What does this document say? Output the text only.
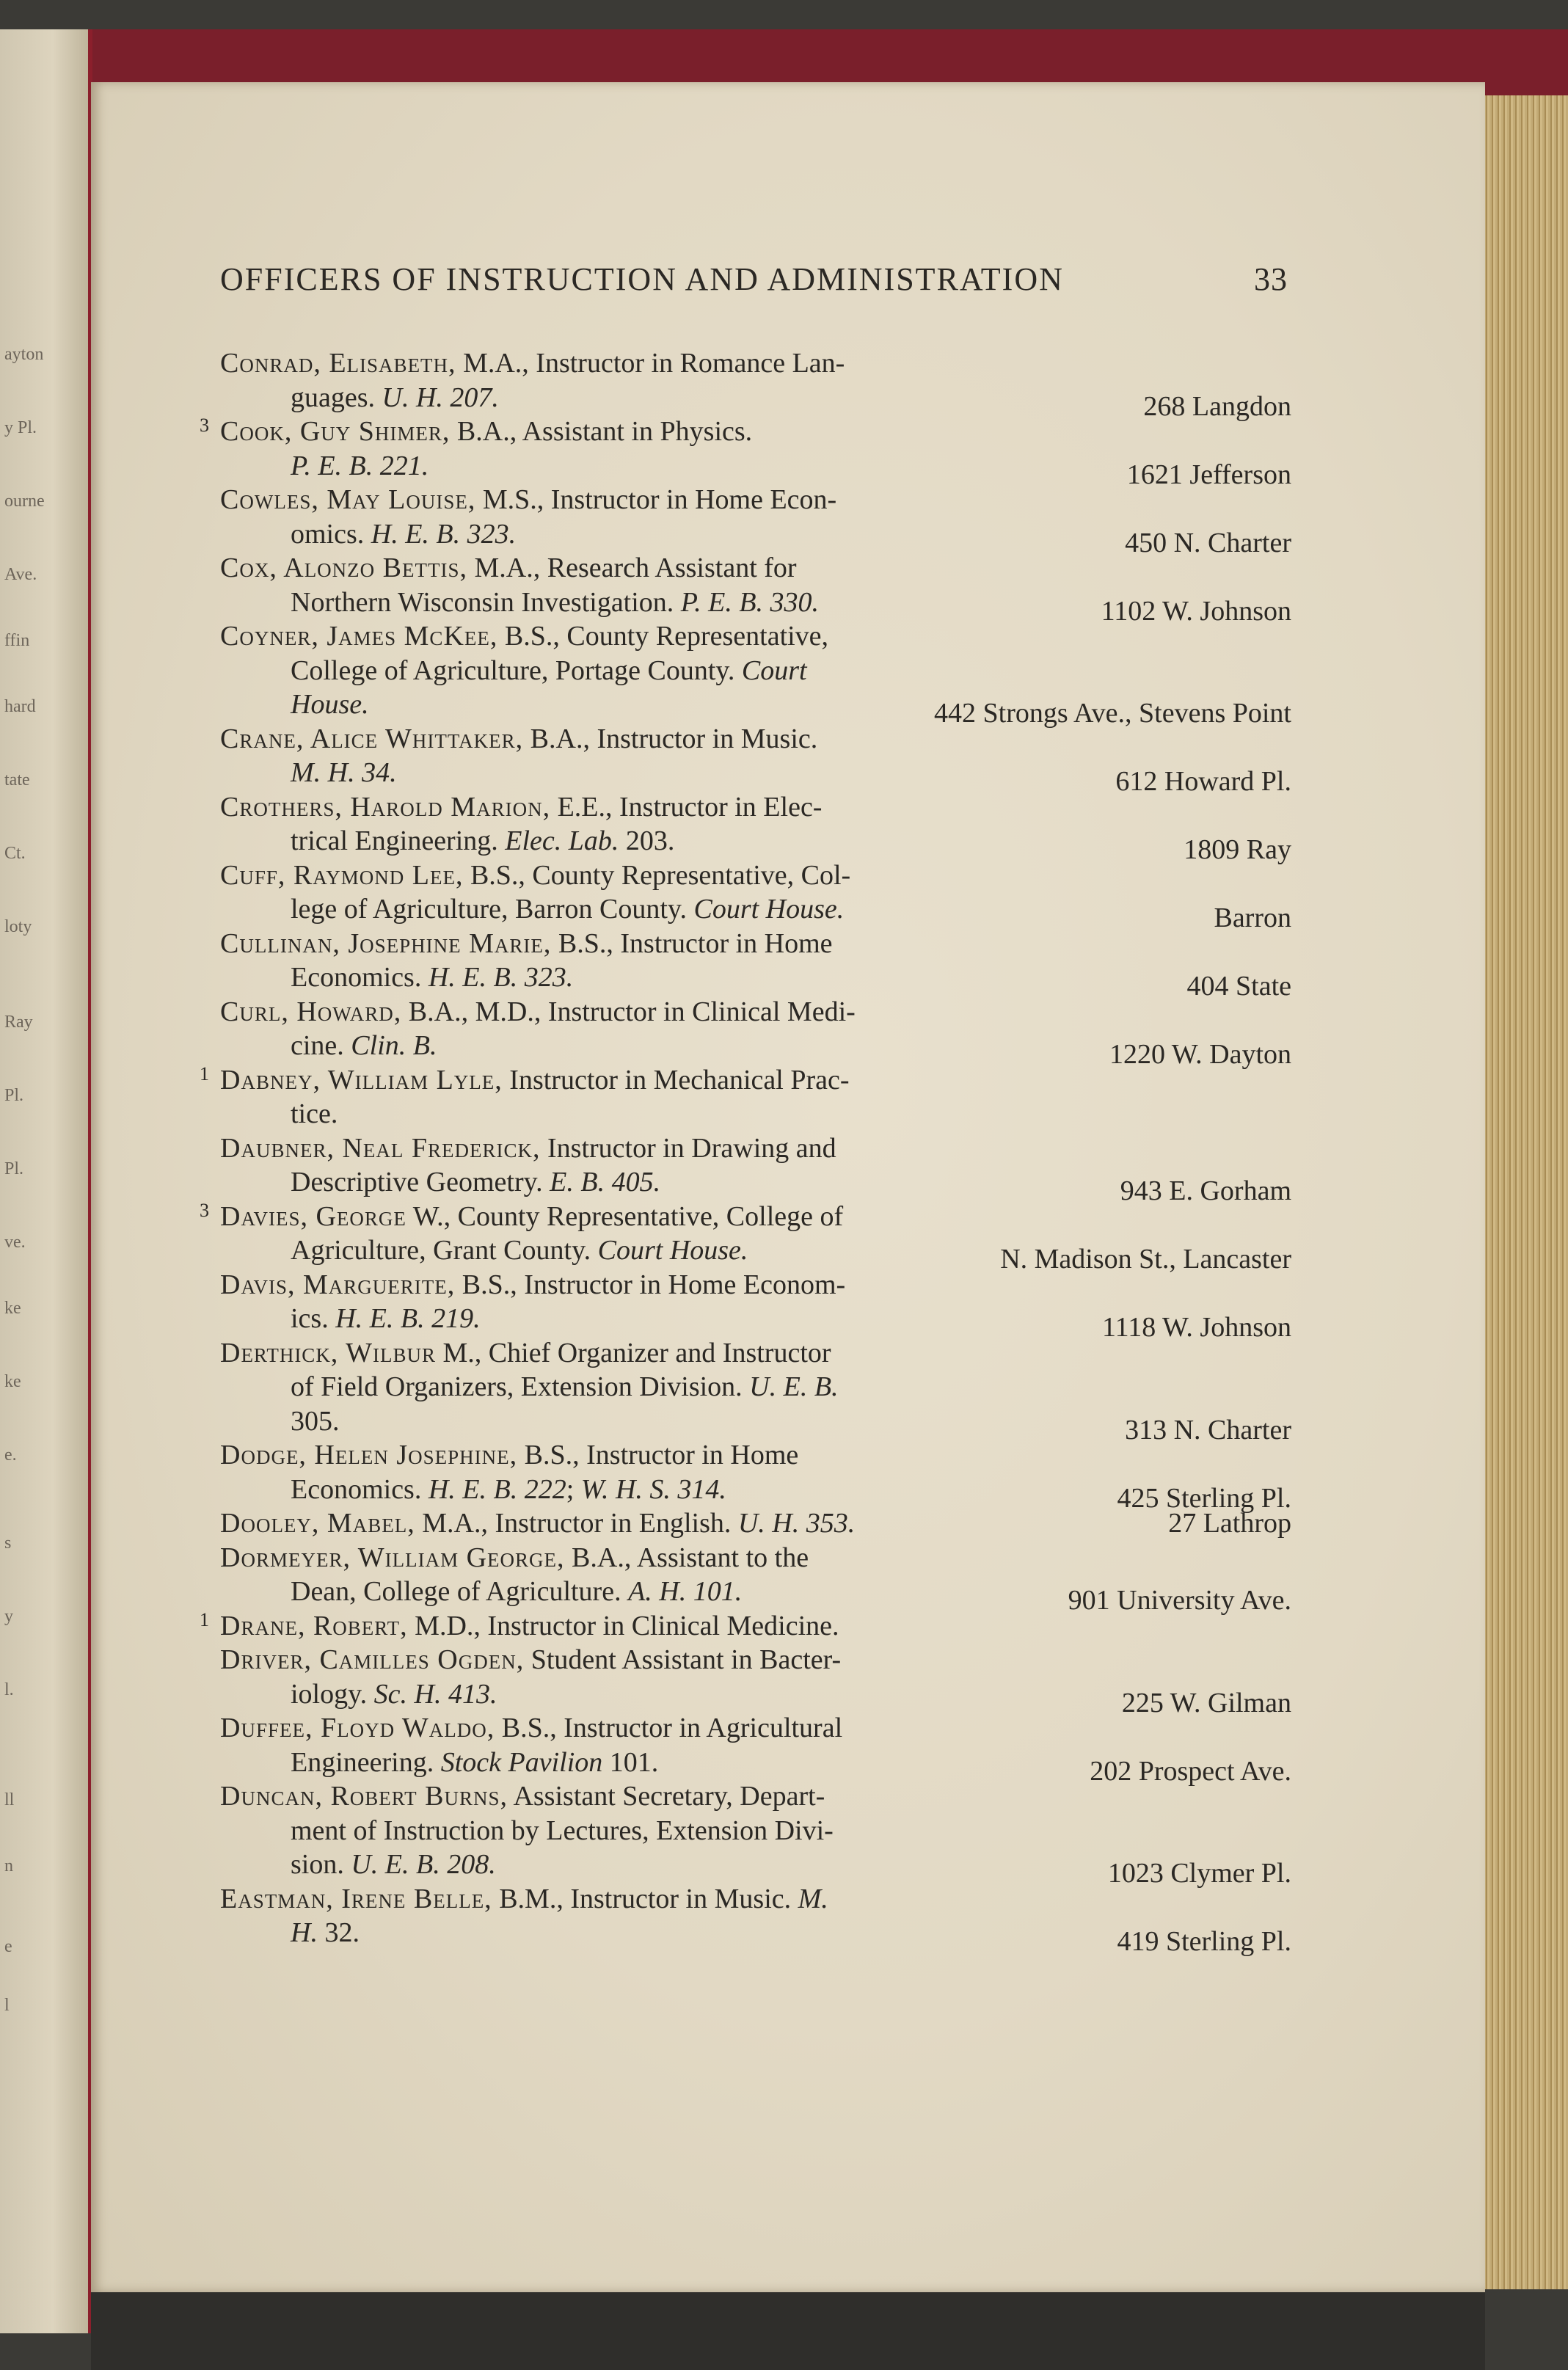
ayton
y Pl.
ourne
Ave.
ffin
hard
tate
Ct.
loty
Ray
Pl.
Pl.
ve.
ke
ke
e.
s
y
l.
ll
n
e
l
OFFICERS OF INSTRUCTION AND ADMINISTRATION	33
Conrad, Elisabeth, M.A., Instructor in Romance Lan-
guages. U. H. 207.	268 Langdon
3 Cook, Guy Shimer, B.A., Assistant in Physics.
P. E. B. 221.	1621 Jefferson
Cowles, May Louise, M.S., Instructor in Home Econ-
omics. H. E. B. 323.	450 N. Charter
Cox, Alonzo Bettis, M.A., Research Assistant for
Northern Wisconsin Investigation. P. E. B. 330.	1102 W. Johnson
Coyner, James McKee, B.S., County Representative,
College of Agriculture, Portage County. Court
House.	442 Strongs Ave., Stevens Point
Crane, Alice Whittaker, B.A., Instructor in Music.
M. H. 34.	612 Howard Pl.
Crothers, Harold Marion, E.E., Instructor in Elec-
trical Engineering. Elec. Lab. 203.	1809 Ray
Cuff, Raymond Lee, B.S., County Representative, Col-
lege of Agriculture, Barron County. Court House.	Barron
Cullinan, Josephine Marie, B.S., Instructor in Home
Economics. H. E. B. 323.	404 State
Curl, Howard, B.A., M.D., Instructor in Clinical Medi-
cine. Clin. B.	1220 W. Dayton
1 Dabney, William Lyle, Instructor in Mechanical Prac-
tice.
Daubner, Neal Frederick, Instructor in Drawing and
Descriptive Geometry. E. B. 405.	943 E. Gorham
3 Davies, George W., County Representative, College of
Agriculture, Grant County. Court House.	N. Madison St., Lancaster
Davis, Marguerite, B.S., Instructor in Home Econom-
ics. H. E. B. 219.	1118 W. Johnson
Derthick, Wilbur M., Chief Organizer and Instructor
of Field Organizers, Extension Division. U. E. B.
305.	313 N. Charter
Dodge, Helen Josephine, B.S., Instructor in Home
Economics. H. E. B. 222; W. H. S. 314.	425 Sterling Pl.
Dooley, Mabel, M.A., Instructor in English. U. H. 353.	27 Lathrop
Dormeyer, William George, B.A., Assistant to the
Dean, College of Agriculture. A. H. 101.	901 University Ave.
1 Drane, Robert, M.D., Instructor in Clinical Medicine.
Driver, Camilles Ogden, Student Assistant in Bacter-
iology. Sc. H. 413.	225 W. Gilman
Duffee, Floyd Waldo, B.S., Instructor in Agricultural
Engineering. Stock Pavilion 101.	202 Prospect Ave.
Duncan, Robert Burns, Assistant Secretary, Depart-
ment of Instruction by Lectures, Extension Divi-
sion. U. E. B. 208.	1023 Clymer Pl.
Eastman, Irene Belle, B.M., Instructor in Music. M.
H. 32.	419 Sterling Pl.
